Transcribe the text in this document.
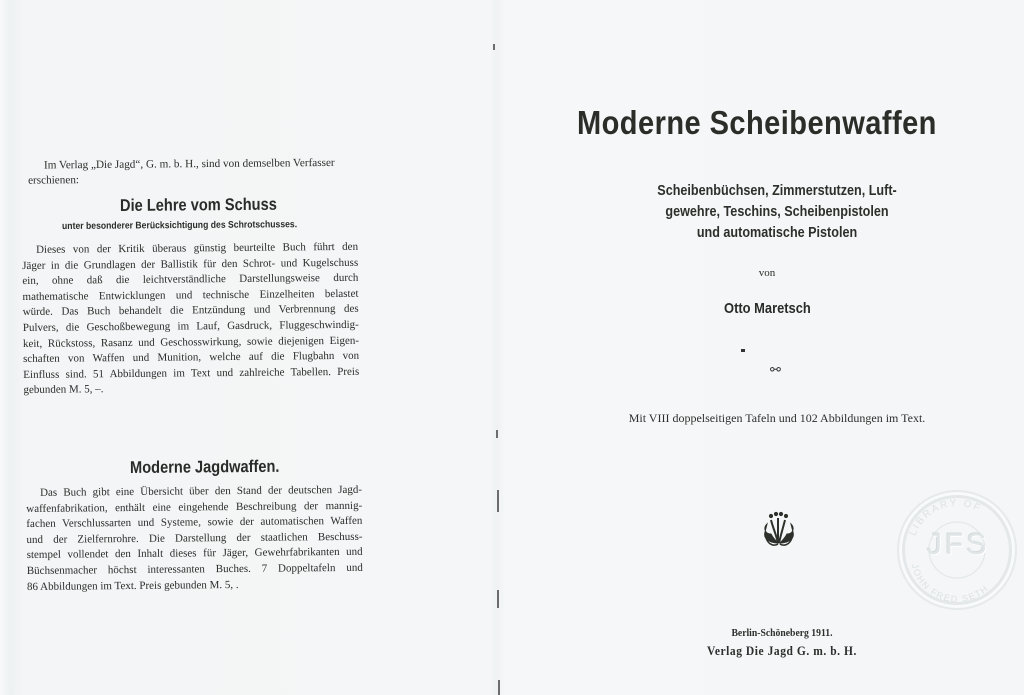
Im Verlag „Die Jagd“, G. m. b. H., sind von demselben Verfasser
erschienen:
Die Lehre vom Schuss
unter besonderer Berücksichtigung des Schrotschusses.
Dieses von der Kritik überaus günstig beurteilte Buch führt den
Jäger in die Grundlagen der Ballistik für den Schrot- und Kugelschuss
ein, ohne daß die leichtverständliche Darstellungsweise durch
mathematische Entwicklungen und technische Einzelheiten belastet
würde. Das Buch behandelt die Entzündung und Verbrennung des
Pulvers, die Geschoßbewegung im Lauf, Gasdruck, Fluggeschwindig-
keit, Rückstoss, Rasanz und Geschosswirkung, sowie diejenigen Eigen-
schaften von Waffen und Munition, welche auf die Flugbahn von
Einfluss sind. 51 Abbildungen im Text und zahlreiche Tabellen. Preis
gebunden M. 5, –.
Moderne Jagdwaffen.
Das Buch gibt eine Übersicht über den Stand der deutschen Jagd-
waffenfabrikation, enthält eine eingehende Beschreibung der mannig-
fachen Verschlussarten und Systeme, sowie der automatischen Waffen
und der Zielfernrohre. Die Darstellung der staatlichen Beschuss-
stempel vollendet den Inhalt dieses für Jäger, Gewehrfabrikanten und
Büchsenmacher höchst interessanten Buches. 7 Doppeltafeln und
86 Abbildungen im Text. Preis gebunden M. 5, .
Moderne Scheibenwaffen
Scheibenbüchsen, Zimmerstutzen, Luft-
gewehre, Teschins, Scheibenpistolen
und automatische Pistolen
von
Otto Maretsch
⚯
Mit VIII doppelseitigen Tafeln und 102 Abbildungen im Text.
Berlin-Schöneberg 1911.
Verlag Die Jagd G. m. b. H.
LIBRARY OF
JOHN FRED SETH
JFS
